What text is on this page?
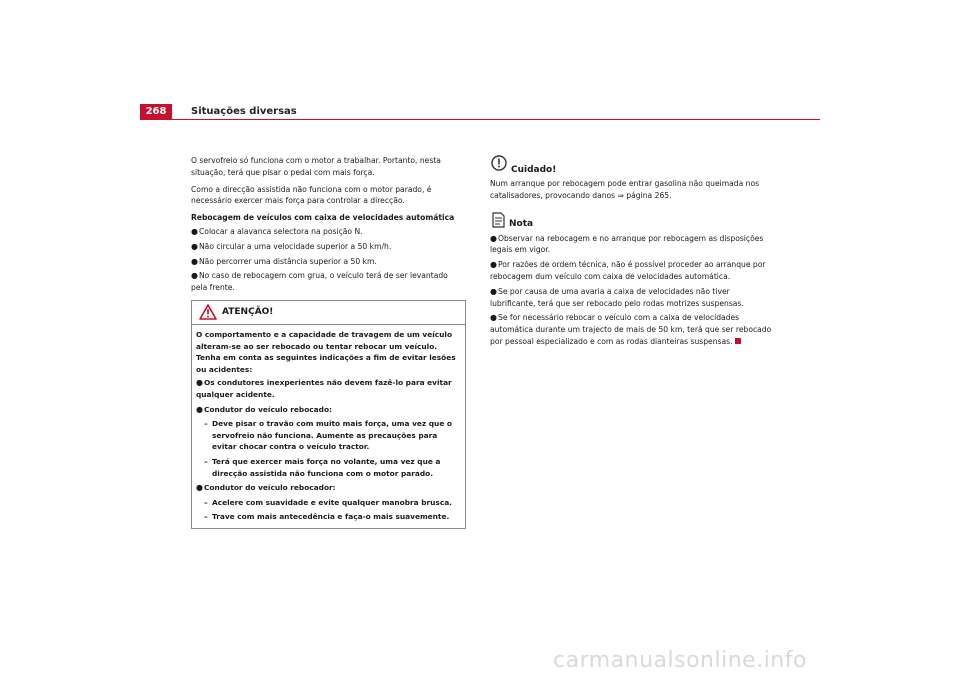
268	Situações diversas

O servofreio só funciona com o motor a trabalhar. Portanto, nesta situação, terá que pisar o pedal com mais força.

Como a direcção assistida não funciona com o motor parado, é necessário exercer mais força para controlar a direcção.

Rebocagem de veículos com caixa de velocidades automática

●Colocar a alavanca selectora na posição N.
●Não circular a uma velocidade superior a 50 km/h.
●Não percorrer uma distância superior a 50 km.
●No caso de rebocagem com grua, o veículo terá de ser levantado pela frente.
ATENÇÃO!

O comportamento e a capacidade de travagem de um veículo alteram-se ao ser rebocado ou tentar rebocar um veículo. Tenha em conta as seguintes indicações a fim de evitar lesões ou acidentes:

●Os condutores inexperientes não devem fazê-lo para evitar qualquer acidente.
●Condutor do veículo rebocado:
– Deve pisar o travão com muito mais força, uma vez que o servofreio não funciona. Aumente as precauções para evitar chocar contra o veículo tractor.
– Terá que exercer mais força no volante, uma vez que a direcção assistida não funciona com o motor parado.
●Condutor do veículo rebocador:
– Acelere com suavidade e evite qualquer manobra brusca.
– Trave com mais antecedência e faça-o mais suavemente.
Cuidado!

Num arranque por rebocagem pode entrar gasolina não queimada nos catalisadores, provocando danos ⇒ página 265.

Nota
●Observar na rebocagem e no arranque por rebocagem as disposições legais em vigor.
●Por razões de ordem técnica, não é possível proceder ao arranque por rebocagem dum veículo com caixa de velocidades automática.
●Se por causa de uma avaria a caixa de velocidades não tiver lubrificante, terá que ser rebocado pelo rodas motrizes suspensas.
●Se for necessário rebocar o veículo com a caixa de velocidades automática durante um trajecto de mais de 50 km, terá que ser rebocado por pessoal especializado e com as rodas dianteiras suspensas.
carmanualsonline.info
